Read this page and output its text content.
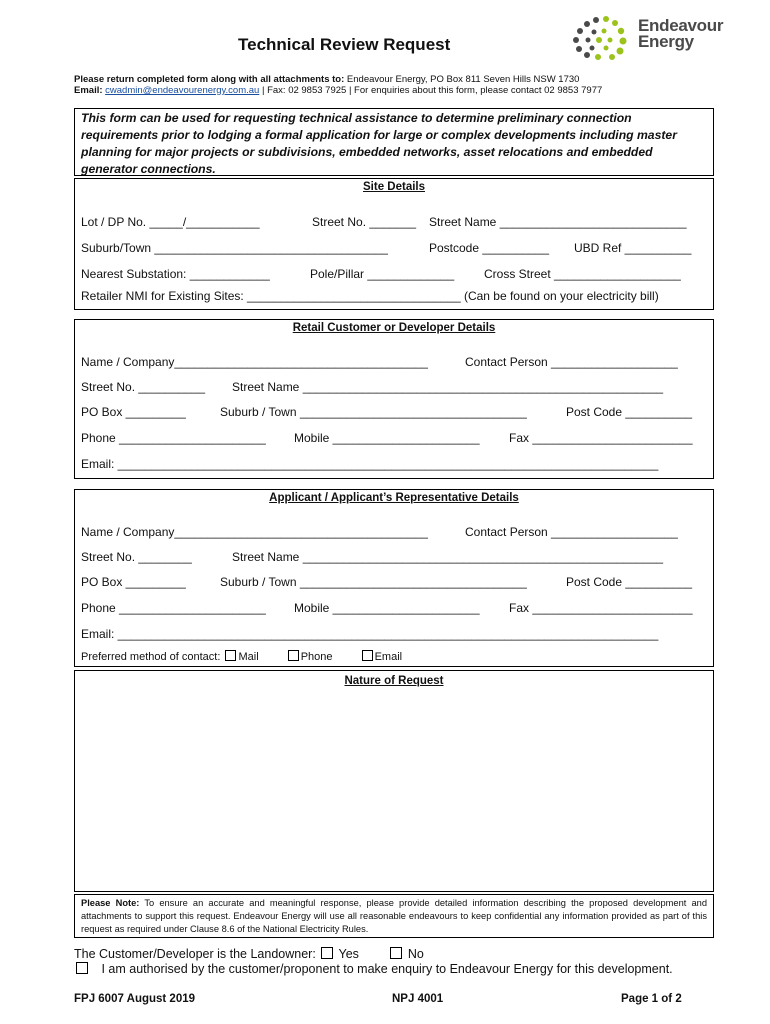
Technical Review Request
Endeavour
Energy
Please return completed form along with all attachments to: Endeavour Energy, PO Box 811 Seven Hills NSW 1730
Email: cwadmin@endeavourenergy.com.au | Fax: 02 9853 7925 | For enquiries about this form, please contact 02 9853 7977
This form can be used for requesting technical assistance to determine preliminary connection requirements prior to lodging a formal application for large or complex developments including master planning for major projects or subdivisions, embedded networks, asset relocations and embedded generator connections.
Site Details
Lot / DP No. _____/___________	Street No. _______ Street Name ____________________________
Suburb/Town ___________________________________	Postcode __________ UBD Ref __________
Nearest Substation: ____________	Pole/Pillar _____________ Cross Street ___________________
Retailer NMI for Existing Sites: ________________________________ (Can be found on your electricity bill)
Retail Customer or Developer Details
Name / Company______________________________________	Contact Person ___________________
Street No. __________ Street Name ______________________________________________________
PO Box _________	Suburb / Town __________________________________	Post Code __________
Phone ______________________ Mobile ______________________ Fax ________________________
Email: _________________________________________________________________________________
Applicant / Applicant’s Representative Details
Name / Company______________________________________	Contact Person ___________________
Street No. ________	Street Name ______________________________________________________
PO Box _________	Suburb / Town __________________________________	Post Code __________
Phone ______________________ Mobile ______________________ Fax ________________________
Email: _________________________________________________________________________________
Preferred method of contact: Mail	Phone	Email
Nature of Request
Please Note: To ensure an accurate and meaningful response, please provide detailed information describing the proposed development and attachments to support this request. Endeavour Energy will use all reasonable endeavours to keep confidential any information provided as part of this request as required under Clause 8.6 of the National Electricity Rules.
The Customer/Developer is the Landowner: Yes	No
I am authorised by the customer/proponent to make enquiry to Endeavour Energy for this development.
FPJ 6007 August 2019	NPJ 4001	Page 1 of 2
